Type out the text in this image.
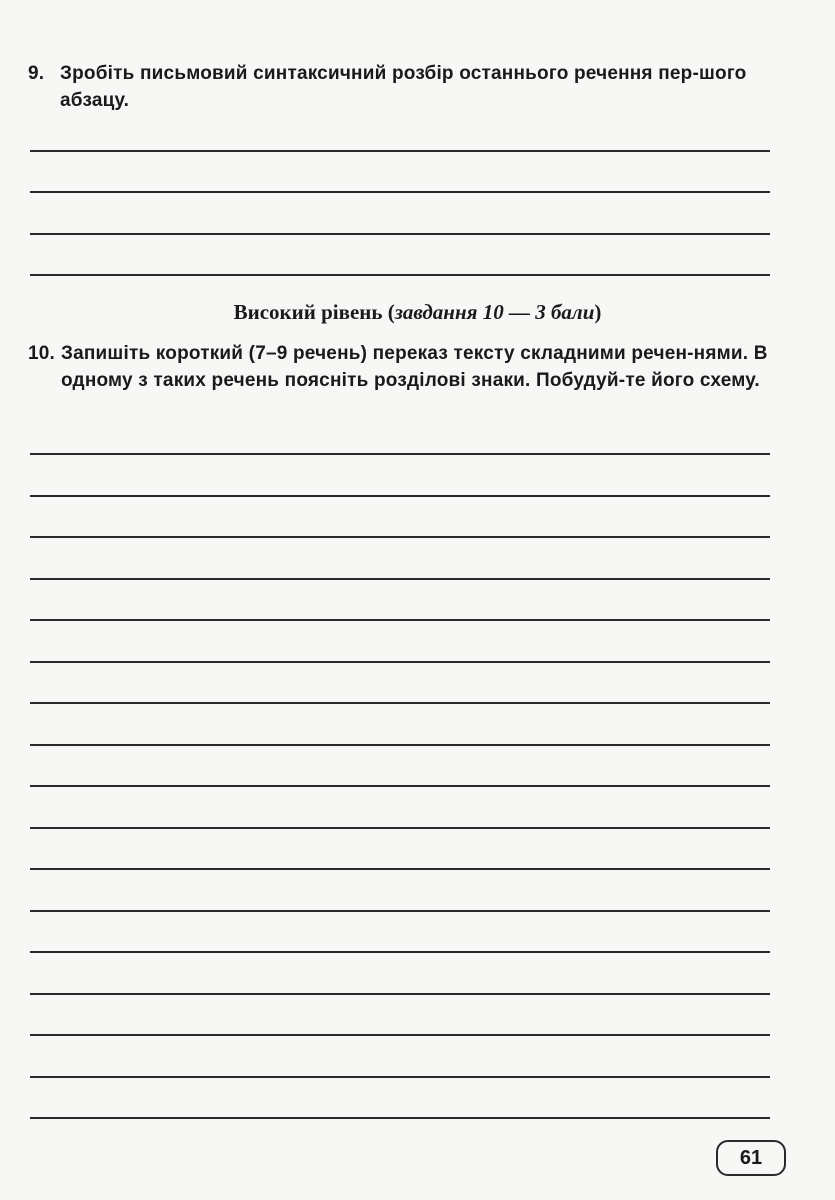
9. Зробіть письмовий синтаксичний розбір останнього речення пер-шого абзацу.
Високий рівень (завдання 10 — 3 бали)
10. Запишіть короткий (7–9 речень) переказ тексту складними речен-нями. В одному з таких речень поясніть розділові знаки. Побудуй-те його схему.
61
